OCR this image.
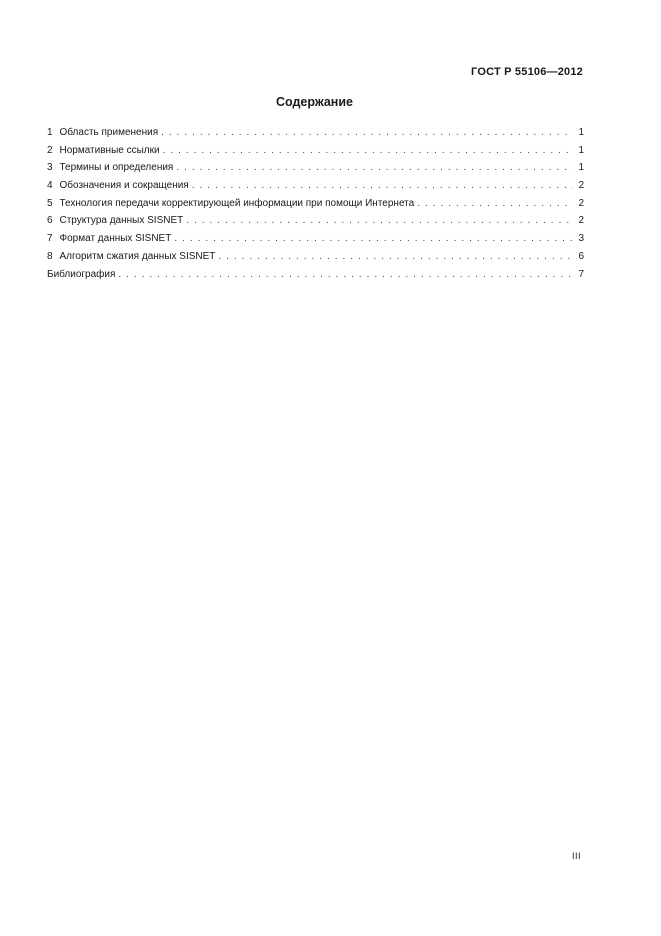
ГОСТ Р 55106—2012
Содержание
1 Область применения . . .	1
2 Нормативные ссылки . . .	1
3 Термины и определения . . .	1
4 Обозначения и сокращения . . .	2
5 Технология передачи корректирующей информации при помощи Интернета . . .	2
6 Структура данных SISNET . . .	2
7 Формат данных SISNET . . .	3
8 Алгоритм сжатия данных SISNET . . .	6
Библиография . . .	7
III
